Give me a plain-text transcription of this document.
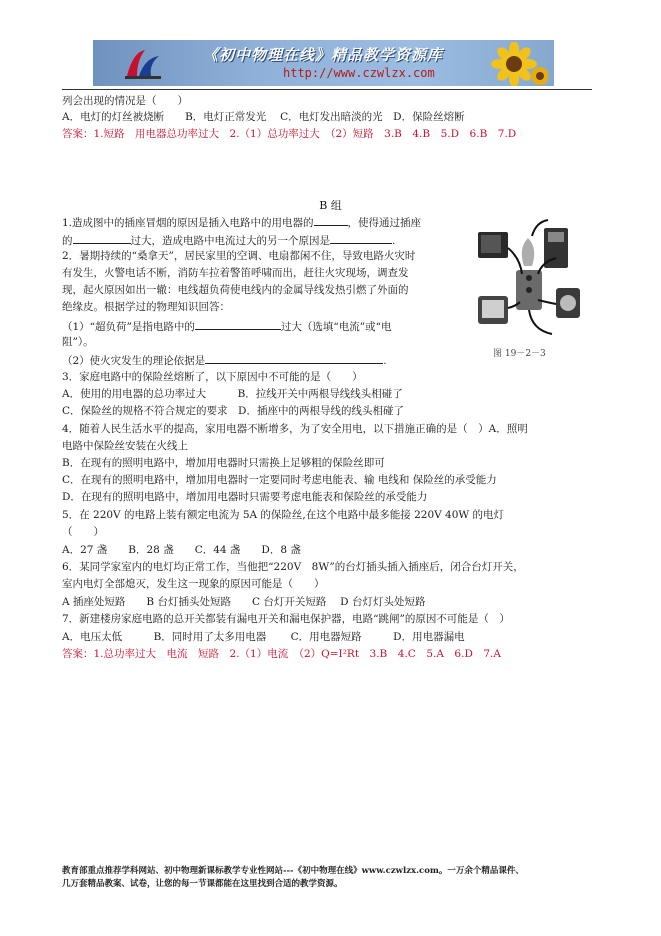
《初中物理在线》精品教学资源库
http://www.czwlzx.com
列会出现的情况是（　　）
A．电灯的灯丝被烧断　　B．电灯正常发光　 C．电灯发出暗淡的光　D．保险丝熔断
答案：1.短路　用电器总功率过大　2.（1）总功率过大　（2）短路　3.B　4.B　5.D　6.B　7.D
B 组
1.造成图中的插座冒烟的原因是插入电路中的用电器的	，使得通过插座
的	过大，造成电路中电流过大的另一个原因是	.
2．暑期持续的“桑拿天”，居民家里的空调、电扇都闲不住，导致电路火灾时
有发生，火警电话不断，消防车拉着警笛呼啸而出，赶往火灾现场，调查发
现，起火原因如出一辙：电线超负荷使电线内的金属导线发热引燃了外面的
绝缘皮。根据学过的物理知识回答：
（1）“超负荷”是指电路中的	过大（选填“电流”或“电
阻”）。
（2）使火灾发生的理论依据是	.
图 19－2－3
3．家庭电路中的保险丝熔断了，以下原因中不可能的是（　　）
A．使用的用电器的总功率过大　　　B．拉线开关中两根导线线头相碰了
C．保险丝的规格不符合规定的要求　D．插座中的两根导线的线头相碰了
4．随着人民生活水平的提高，家用电器不断增多，为了安全用电，以下措施正确的是（　）A．照明
电路中保险丝安装在火线上
B．在现有的照明电路中，增加用电器时只需换上足够粗的保险丝即可
C．在现有的照明电路中，增加用电器时一定要同时考虑电能表、输 电线和 保险丝的承受能力
D．在现有的照明电路中，增加用电器时只需要考虑电能表和保险丝的承受能力
5．在 220V 的电路上装有额定电流为 5A 的保险丝,在这个电路中最多能接 220V 40W 的电灯
（　　）
A．27 盏　　B．28 盏　　C．44 盏　　D．8 盏
6．某同学家室内的电灯均正常工作，当他把“220V　8W”的台灯插头插入插座后，闭合台灯开关，
室内电灯全部熄灭，发生这一现象的原因可能是（　　）
A 插座处短路　　B 台灯插头处短路　　C 台灯开关短路　 D 台灯灯头处短路
7．新建楼房家庭电路的总开关都装有漏电开关和漏电保护器，电路“跳闸”的原因不可能是（　）
A．电压太低　　　B．同时用了太多用电器　　 C．用电器短路　　　D．用电器漏电
答案：1.总功率过大　电流　短路　2.（1）电流　（2）Q=I²Rt　3.B　4.C　5.A　6.D　7.A
教育部重点推荐学科网站、初中物理新课标教学专业性网站---《初中物理在线》www.czwlzx.com。一万余个精品课件、
几万套精品教案、试卷，让您的每一节课都能在这里找到合适的教学资源。
